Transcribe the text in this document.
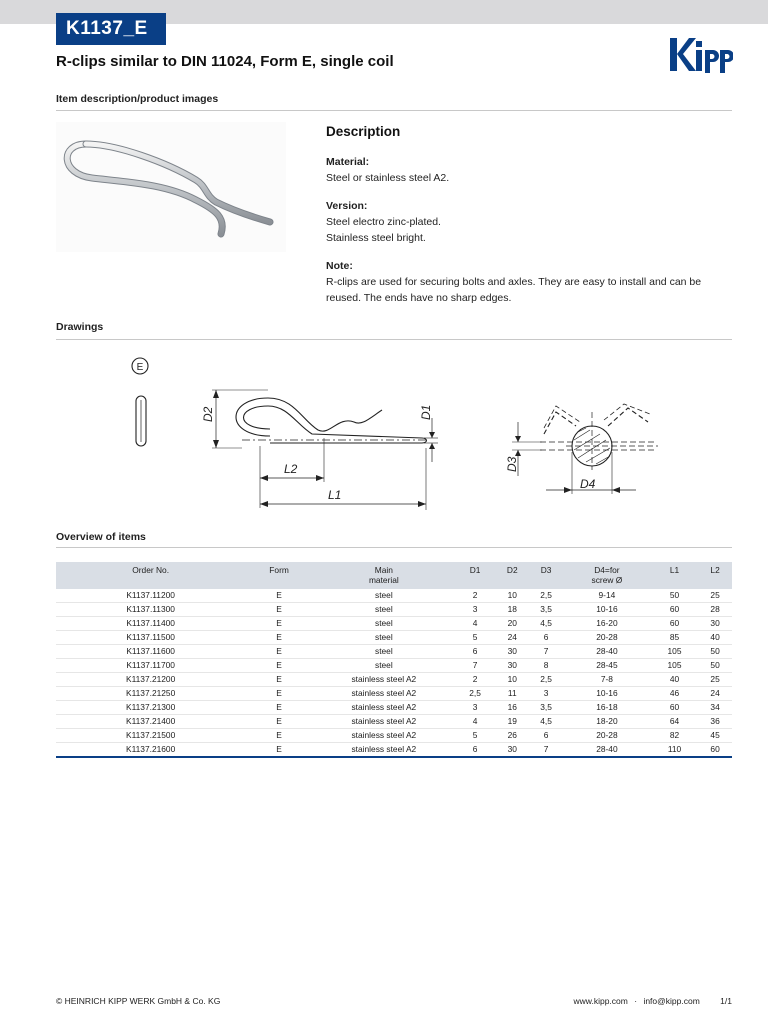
K1137_E
R-clips similar to DIN 11024, Form E, single coil
Item description/product images
Description
Material:
Steel or stainless steel A2.
Version:
Steel electro zinc-plated.
Stainless steel bright.
Note:
R-clips are used for securing bolts and axles. They are easy to install and can be reused. The ends have no sharp edges.
Drawings
E
D2	D1
L2
L1
D3
D4
Overview of items
Order No.	Form	Main
material	D1	D2	D3	D4=for
screw Ø	L1	L2
K1137.11200	E	steel	2	10	2,5	9-14	50	25
K1137.11300	E	steel	3	18	3,5	10-16	60	28
K1137.11400	E	steel	4	20	4,5	16-20	60	30
K1137.11500	E	steel	5	24	6	20-28	85	40
K1137.11600	E	steel	6	30	7	28-40	105	50
K1137.11700	E	steel	7	30	8	28-45	105	50
K1137.21200	E	stainless steel A2	2	10	2,5	7-8	40	25
K1137.21250	E	stainless steel A2	2,5	11	3	10-16	46	24
K1137.21300	E	stainless steel A2	3	16	3,5	16-18	60	34
K1137.21400	E	stainless steel A2	4	19	4,5	18-20	64	36
K1137.21500	E	stainless steel A2	5	26	6	20-28	82	45
K1137.21600	E	stainless steel A2	6	30	7	28-40	110	60
© HEINRICH KIPP WERK GmbH & Co. KG	www.kipp.com · info@kipp.com 1/1
